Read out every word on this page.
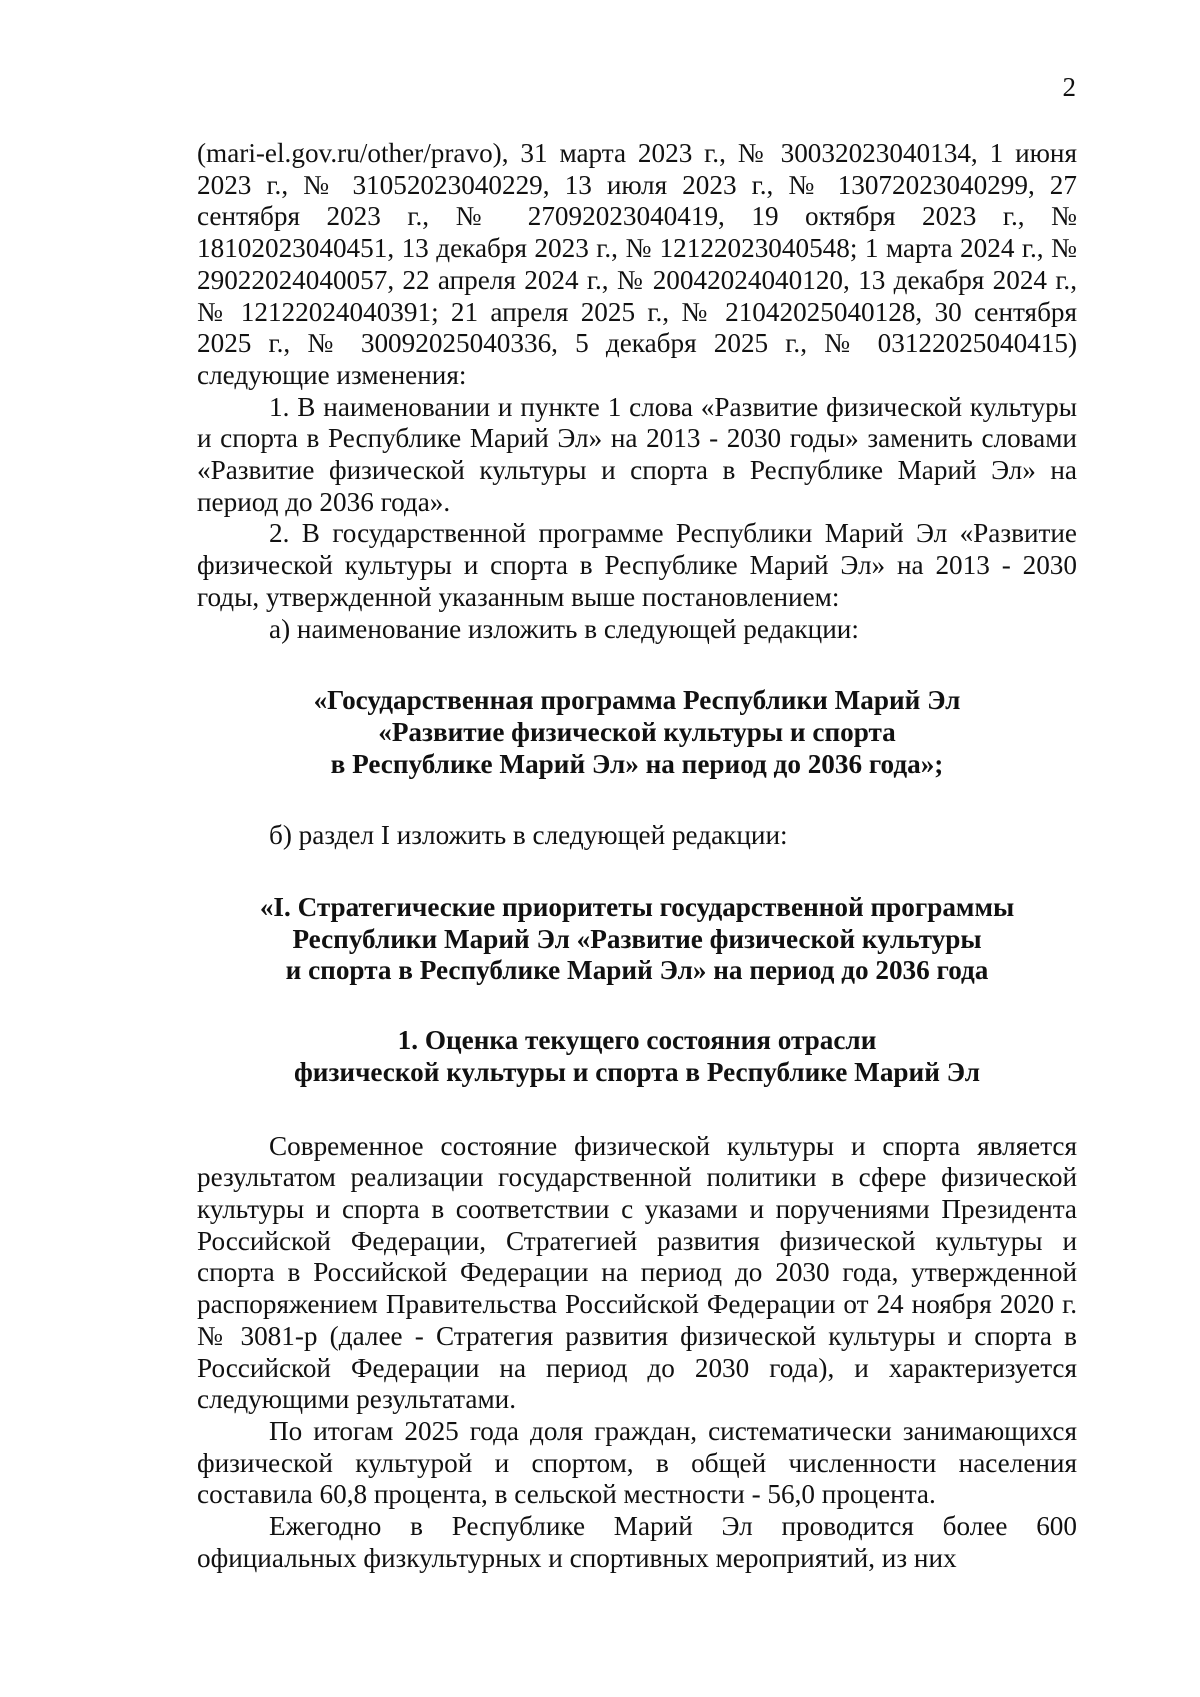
2

(mari-el.gov.ru/other/pravo), 31 марта 2023 г., № 30032023040134, 1 июня 2023 г., № 31052023040229, 13 июля 2023 г., № 13072023040299, 27 сентября 2023 г., № 27092023040419, 19 октября 2023 г., № 18102023040451, 13 декабря 2023 г., № 12122023040548; 1 марта 2024 г., № 29022024040057, 22 апреля 2024 г., № 20042024040120, 13 декабря 2024 г., № 12122024040391; 21 апреля 2025 г., № 21042025040128, 30 сентября 2025 г., № 30092025040336, 5 декабря 2025 г., № 03122025040415) следующие изменения:

1. В наименовании и пункте 1 слова «Развитие физической культуры и спорта в Республике Марий Эл» на 2013 - 2030 годы» заменить словами «Развитие физической культуры и спорта в Республике Марий Эл» на период до 2036 года».

2. В государственной программе Республики Марий Эл «Развитие физической культуры и спорта в Республике Марий Эл» на 2013 - 2030 годы, утвержденной указанным выше постановлением:

а) наименование изложить в следующей редакции:

«Государственная программа Республики Марий Эл
«Развитие физической культуры и спорта
в Республике Марий Эл» на период до 2036 года»;

б) раздел I изложить в следующей редакции:

«I. Стратегические приоритеты государственной программы
Республики Марий Эл «Развитие физической культуры
и спорта в Республике Марий Эл» на период до 2036 года
1. Оценка текущего состояния отрасли
физической культуры и спорта в Республике Марий Эл

Современное состояние физической культуры и спорта является результатом реализации государственной политики в сфере физической культуры и спорта в соответствии с указами и поручениями Президента Российской Федерации, Стратегией развития физической культуры и спорта в Российской Федерации на период до 2030 года, утвержденной распоряжением Правительства Российской Федерации от 24 ноября 2020 г. № 3081-р (далее - Стратегия развития физической культуры и спорта в Российской Федерации на период до 2030 года), и характеризуется следующими результатами.

По итогам 2025 года доля граждан, систематически занимающихся физической культурой и спортом, в общей численности населения составила 60,8 процента, в сельской местности - 56,0 процента.

Ежегодно в Республике Марий Эл проводится более 600 официальных физкультурных и спортивных мероприятий, из них
